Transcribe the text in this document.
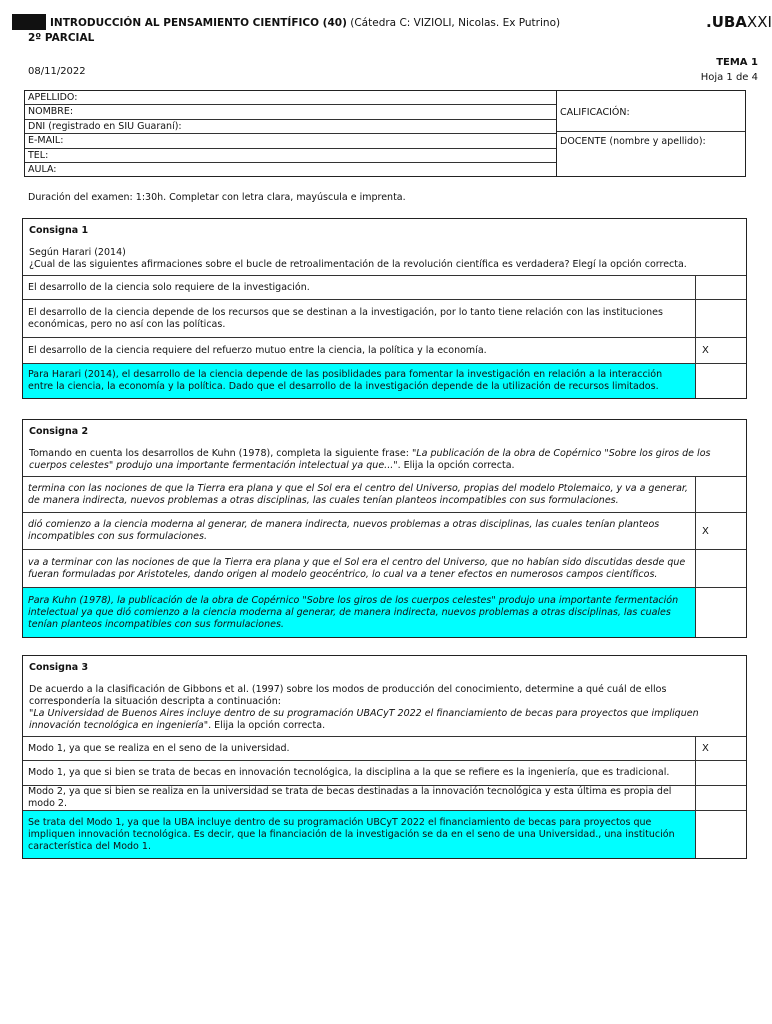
INTRODUCCIÓN AL PENSAMIENTO CIENTÍFICO (40) (Cátedra C: VIZIOLI, Nicolas. Ex Putrino)
2º PARCIAL
.UBAXXI
08/11/2022
TEMA 1
Hoja 1 de 4
APELLIDO:
NOMBRE:
DNI (registrado en SIU Guaraní):
E-MAIL:
TEL:
AULA:
CALIFICACIÓN:
DOCENTE (nombre y apellido):
Duración del examen: 1:30h. Completar con letra clara, mayúscula e imprenta.
Consigna 1
Según Harari (2014)
¿Cual de las siguientes afirmaciones sobre el bucle de retroalimentación de la revolución científica es verdadera? Elegí la opción correcta.
El desarrollo de la ciencia solo requiere de la investigación.
El desarrollo de la ciencia depende de los recursos que se destinan a la investigación, por lo tanto tiene relación con las instituciones económicas, pero no así con las políticas.
El desarrollo de la ciencia requiere del refuerzo mutuo entre la ciencia, la política y la economía.	X
Para Harari (2014), el desarrollo de la ciencia depende de las posiblidades para fomentar la investigación en relación a la interacción entre la ciencia, la economía y la política. Dado que el desarrollo de la investigación depende de la utilización de recursos limitados.
Consigna 2
Tomando en cuenta los desarrollos de Kuhn (1978), completa la siguiente frase: "La publicación de la obra de Copérnico "Sobre los giros de los cuerpos celestes" produjo una importante fermentación intelectual ya que...". Elija la opción correcta.
termina con las nociones de que la Tierra era plana y que el Sol era el centro del Universo, propias del modelo Ptolemaico, y va a generar, de manera indirecta, nuevos problemas a otras disciplinas, las cuales tenían planteos incompatibles con sus formulaciones.
dió comienzo a la ciencia moderna al generar, de manera indirecta, nuevos problemas a otras disciplinas, las cuales tenían planteos incompatibles con sus formulaciones.	X
va a terminar con las nociones de que la Tierra era plana y que el Sol era el centro del Universo, que no habían sido discutidas desde que fueran formuladas por Aristoteles, dando origen al modelo geocéntrico, lo cual va a tener efectos en numerosos campos científicos.
Para Kuhn (1978), la publicación de la obra de Copérnico "Sobre los giros de los cuerpos celestes" produjo una importante fermentación intelectual ya que dió comienzo a la ciencia moderna al generar, de manera indirecta, nuevos problemas a otras disciplinas, las cuales tenían planteos incompatibles con sus formulaciones.
Consigna 3
De acuerdo a la clasificación de Gibbons et al. (1997) sobre los modos de producción del conocimiento, determine a qué cuál de ellos correspondería la situación descripta a continuación:
"La Universidad de Buenos Aires incluye dentro de su programación UBACyT 2022 el financiamiento de becas para proyectos que impliquen innovación tecnológica en ingeniería". Elija la opción correcta.
Modo 1, ya que se realiza en el seno de la universidad.	X
Modo 1, ya que si bien se trata de becas en innovación tecnológica, la disciplina a la que se refiere es la ingeniería, que es tradicional.
Modo 2, ya que si bien se realiza en la universidad se trata de becas destinadas a la innovación tecnológica y esta última es propia del modo 2.
Se trata del Modo 1, ya que la UBA incluye dentro de su programación UBCyT 2022 el financiamiento de becas para proyectos que impliquen innovación tecnológica. Es decir, que la financiación de la investigación se da en el seno de una Universidad., una institución característica del Modo 1.
